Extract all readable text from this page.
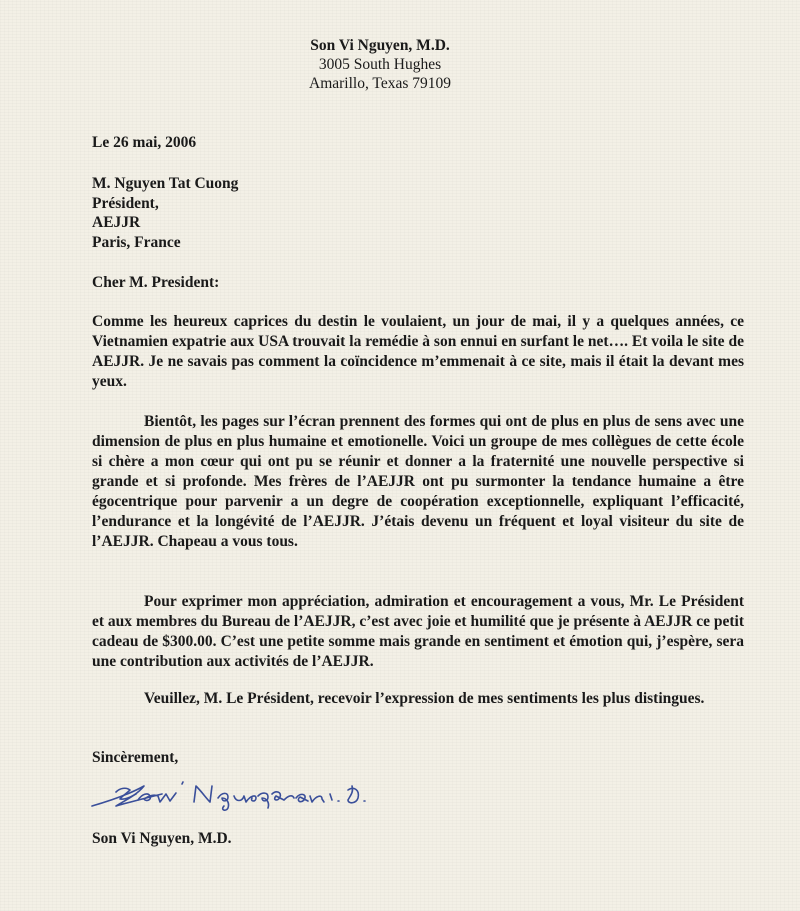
Son Vi Nguyen, M.D.
3005 South Hughes
Amarillo, Texas 79109
Le 26 mai, 2006
M. Nguyen Tat Cuong
Président,
AEJJR
Paris, France
Cher M. President:

Comme les heureux caprices du destin le voulaient, un jour de mai, il y a quelques années, ce Vietnamien expatrie aux USA trouvait la remédie à son ennui en surfant le net…. Et voila le site de AEJJR. Je ne savais pas comment la coïncidence m’emmenait à ce site, mais il était la devant mes yeux.

Bientôt, les pages sur l’écran prennent des formes qui ont de plus en plus de sens avec une dimension de plus en plus humaine et emotionelle. Voici un groupe de mes collègues de cette école si chère a mon cœur qui ont pu se réunir et donner a la fraternité une nouvelle perspective si grande et si profonde. Mes frères de l’AEJJR ont pu surmonter la tendance humaine a être égocentrique pour parvenir a un degre de coopération exceptionnelle, expliquant l’efficacité, l’endurance et la longévité de l’AEJJR. J’étais devenu un fréquent et loyal visiteur du site de l’AEJJR. Chapeau a vous tous.

Pour exprimer mon appréciation, admiration et encouragement a vous, Mr. Le Président et aux membres du Bureau de l’AEJJR, c’est avec joie et humilité que je présente à AEJJR ce petit cadeau de $300.00. C’est une petite somme mais grande en sentiment et émotion qui, j’espère, sera une contribution aux activités de l’AEJJR.

Veuillez, M. Le Président, recevoir l’expression de mes sentiments les plus distingues.

Sincèrement,
Sonvi Nguyen M.D.
Son Vi Nguyen, M.D.
